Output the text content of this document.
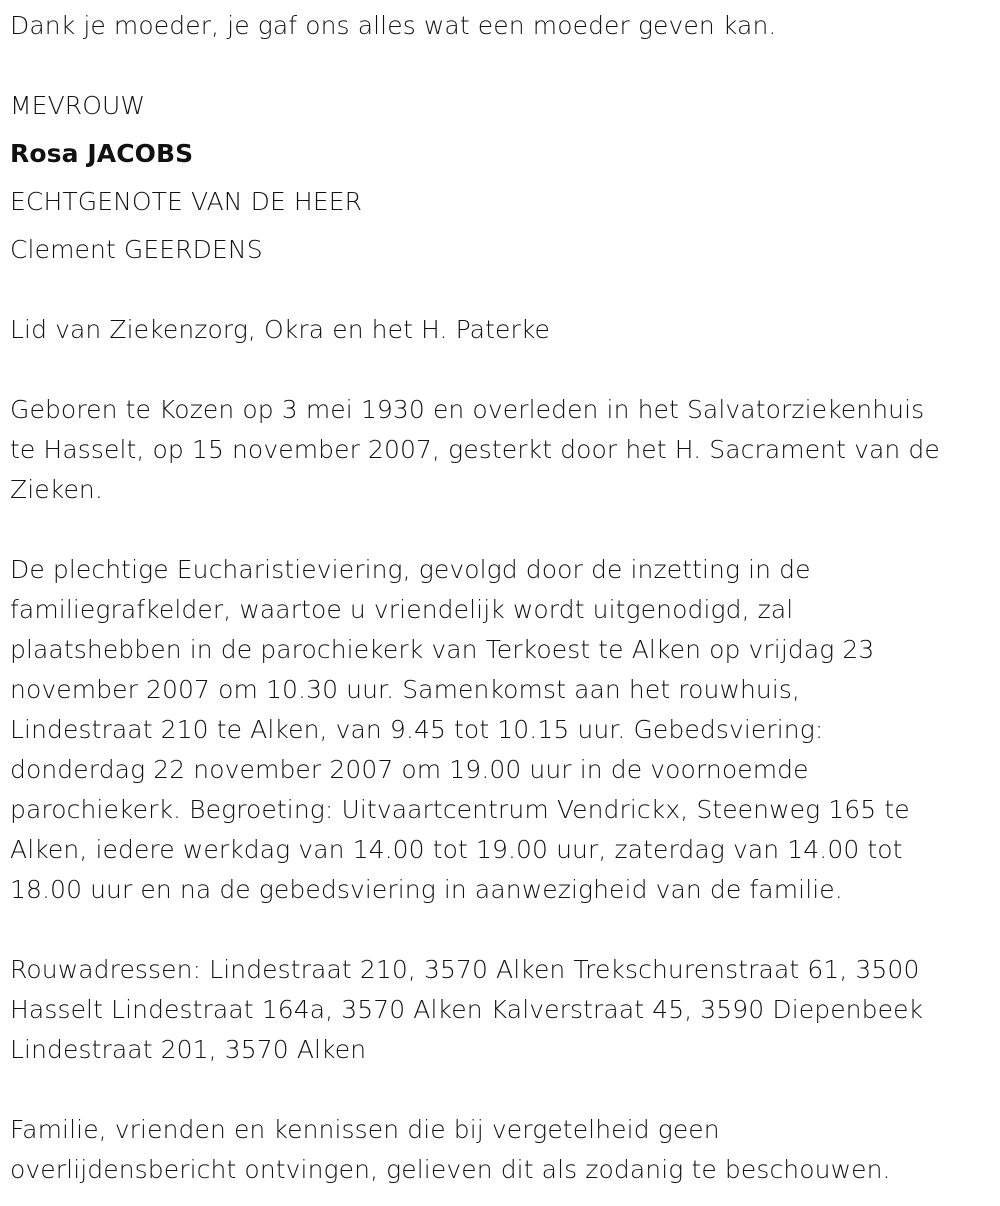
Dank je moeder, je gaf ons alles wat een moeder geven kan.
MEVROUW
Rosa JACOBS
ECHTGENOTE VAN DE HEER
Clement GEERDENS
Lid van Ziekenzorg, Okra en het H. Paterke
Geboren te Kozen op 3 mei 1930 en overleden in het Salvatorziekenhuis
te Hasselt, op 15 november 2007, gesterkt door het H. Sacrament van de
Zieken.
De plechtige Eucharistieviering, gevolgd door de inzetting in de
familiegrafkelder, waartoe u vriendelijk wordt uitgenodigd, zal
plaatshebben in de parochiekerk van Terkoest te Alken op vrijdag 23
november 2007 om 10.30 uur. Samenkomst aan het rouwhuis,
Lindestraat 210 te Alken, van 9.45 tot 10.15 uur. Gebedsviering:
donderdag 22 november 2007 om 19.00 uur in de voornoemde
parochiekerk. Begroeting: Uitvaartcentrum Vendrickx, Steenweg 165 te
Alken, iedere werkdag van 14.00 tot 19.00 uur, zaterdag van 14.00 tot
18.00 uur en na de gebedsviering in aanwezigheid van de familie.
Rouwadressen: Lindestraat 210, 3570 Alken Trekschurenstraat 61, 3500
Hasselt Lindestraat 164a, 3570 Alken Kalverstraat 45, 3590 Diepenbeek
Lindestraat 201, 3570 Alken
Familie, vrienden en kennissen die bij vergetelheid geen
overlijdensbericht ontvingen, gelieven dit als zodanig te beschouwen.
